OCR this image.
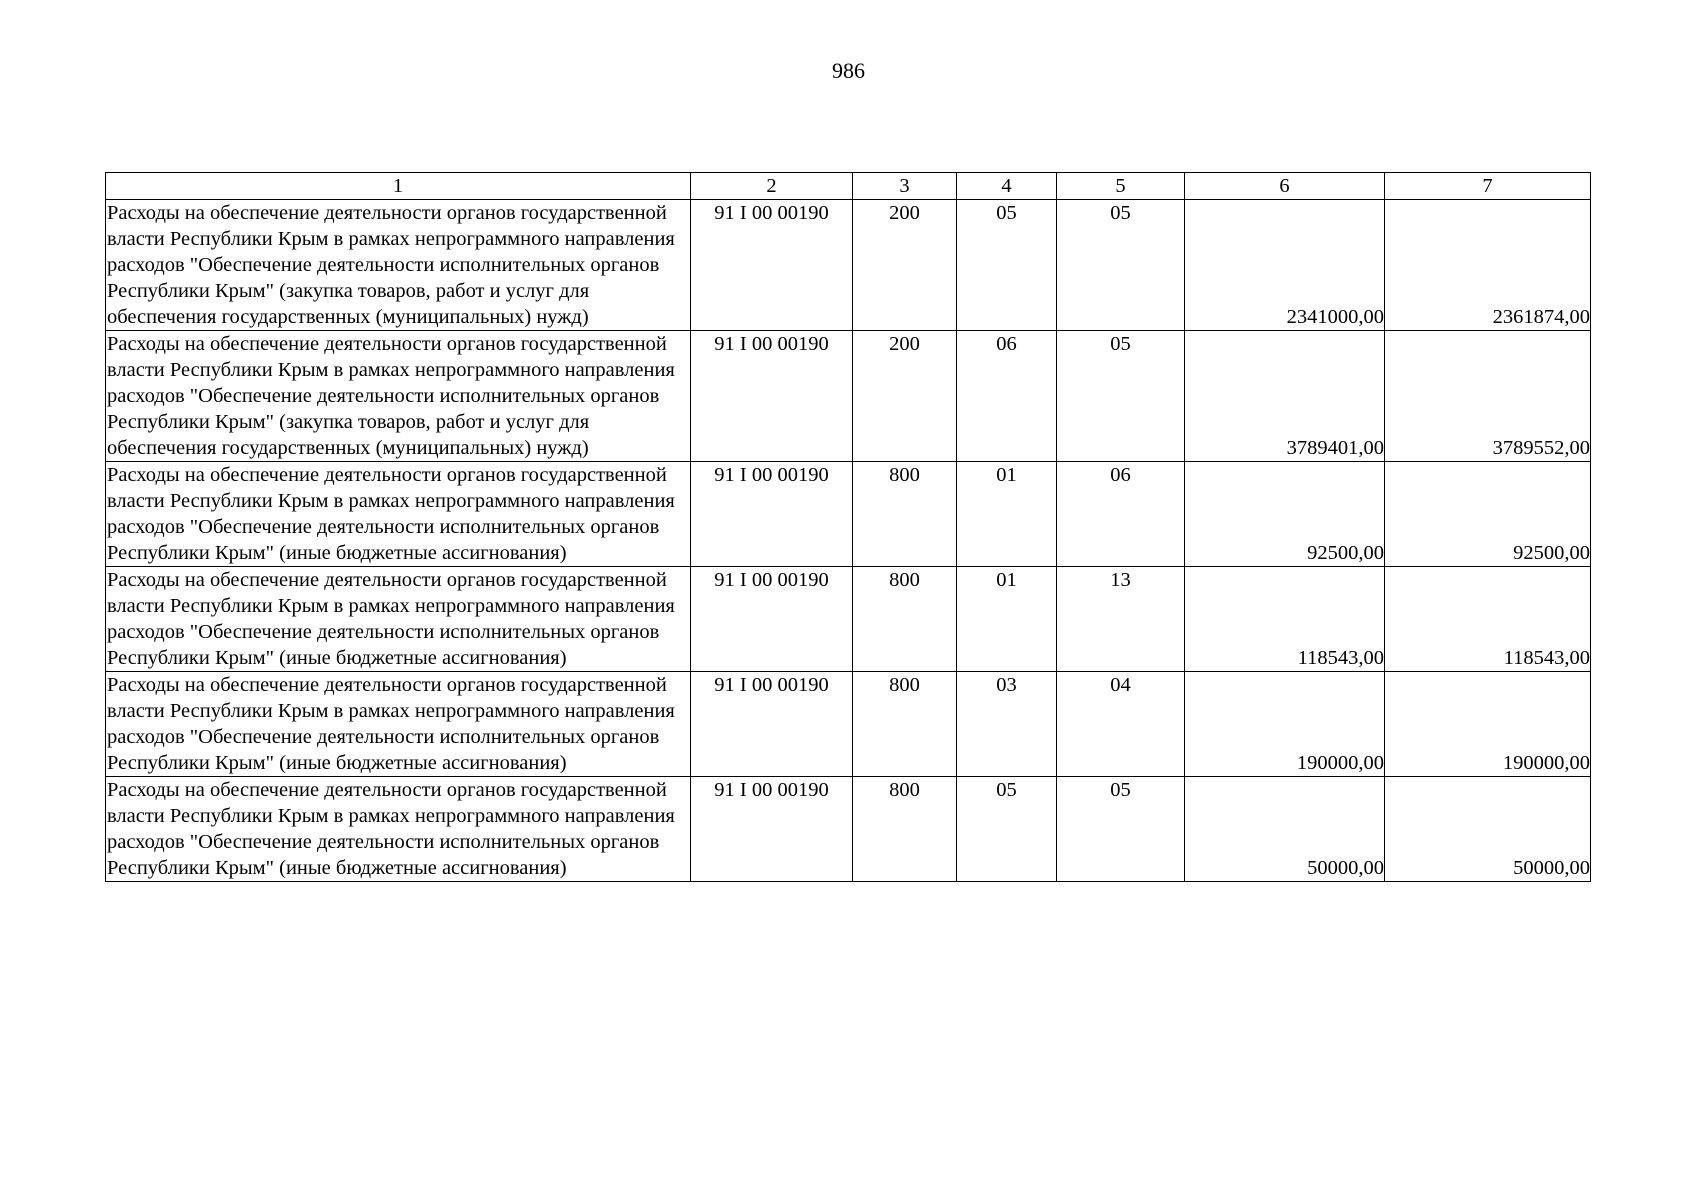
986
1	2	3	4	5	6	7
Расходы на обеспечение деятельности органов государственной власти Республики Крым в рамках непрограммного направления расходов "Обеспечение деятельности исполнительных органов Республики Крым" (закупка товаров, работ и услуг для обеспечения государственных (муниципальных) нужд)	91 I 00 00190	200	05	05	2341000,00	2361874,00
Расходы на обеспечение деятельности органов государственной власти Республики Крым в рамках непрограммного направления расходов "Обеспечение деятельности исполнительных органов Республики Крым" (закупка товаров, работ и услуг для обеспечения государственных (муниципальных) нужд)	91 I 00 00190	200	06	05	3789401,00	3789552,00
Расходы на обеспечение деятельности органов государственной власти Республики Крым в рамках непрограммного направления расходов "Обеспечение деятельности исполнительных органов Республики Крым" (иные бюджетные ассигнования)	91 I 00 00190	800	01	06	92500,00	92500,00
Расходы на обеспечение деятельности органов государственной власти Республики Крым в рамках непрограммного направления расходов "Обеспечение деятельности исполнительных органов Республики Крым" (иные бюджетные ассигнования)	91 I 00 00190	800	01	13	118543,00	118543,00
Расходы на обеспечение деятельности органов государственной власти Республики Крым в рамках непрограммного направления расходов "Обеспечение деятельности исполнительных органов Республики Крым" (иные бюджетные ассигнования)	91 I 00 00190	800	03	04	190000,00	190000,00
Расходы на обеспечение деятельности органов государственной власти Республики Крым в рамках непрограммного направления расходов "Обеспечение деятельности исполнительных органов Республики Крым" (иные бюджетные ассигнования)	91 I 00 00190	800	05	05	50000,00	50000,00
